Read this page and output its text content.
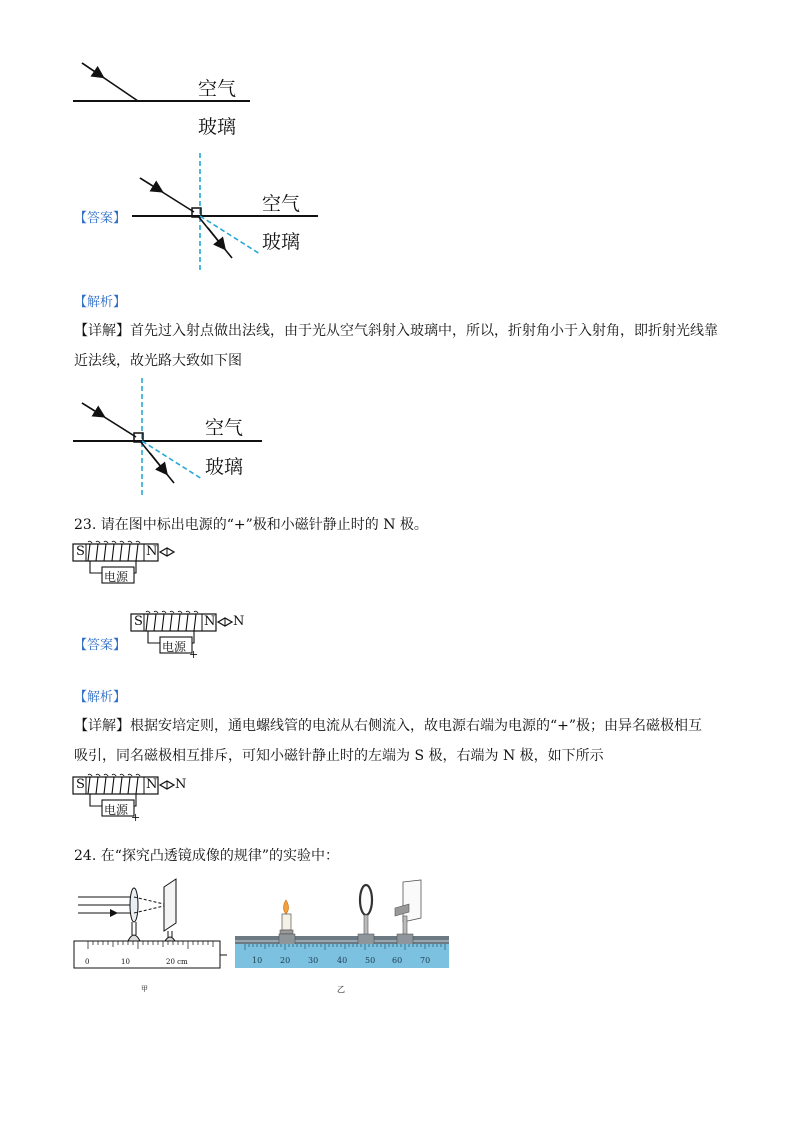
空气
玻璃
【答案】
空气
玻璃
【解析】
【详解】首先过入射点做出法线，由于光从空气斜射入玻璃中，所以，折射角小于入射角，即折射光线靠
近法线，故光路大致如下图
空气
玻璃
23. 请在图中标出电源的“+”极和小磁针静止时的 N 极。
S	N
电源
【答案】
S	N N
电源
+
【解析】
【详解】根据安培定则，通电螺线管的电流从右侧流入，故电源右端为电源的“+”极；由异名磁极相互
吸引，同名磁极相互排斥，可知小磁针静止时的左端为 S 极，右端为 N 极，如下所示
S	N N
电源
+
24. 在“探究凸透镜成像的规律”的实验中：
0	10	20 cm
甲
10 20 30 40 50 60 70
乙
